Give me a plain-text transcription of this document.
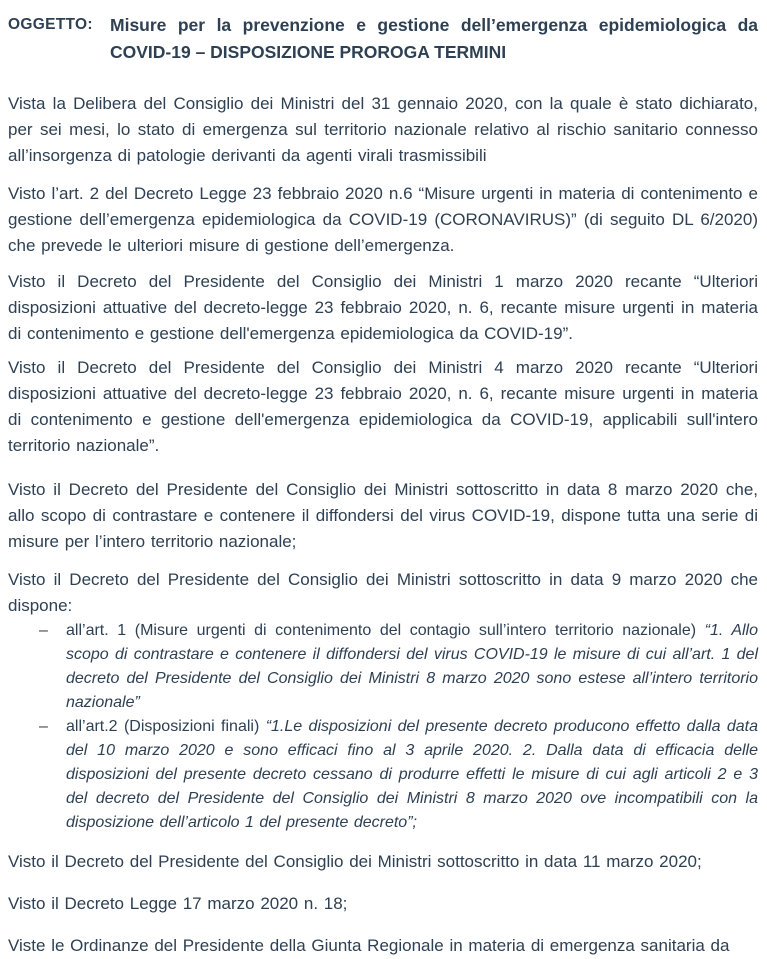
OGGETTO: Misure per la prevenzione e gestione dell’emergenza epidemiologica da COVID-19 – DISPOSIZIONE PROROGA TERMINI

Vista la Delibera del Consiglio dei Ministri del 31 gennaio 2020, con la quale è stato dichiarato, per sei mesi, lo stato di emergenza sul territorio nazionale relativo al rischio sanitario connesso all’insorgenza di patologie derivanti da agenti virali trasmissibili

Visto l’art. 2 del Decreto Legge 23 febbraio 2020 n.6 “Misure urgenti in materia di contenimento e gestione dell’emergenza epidemiologica da COVID-19 (CORONAVIRUS)” (di seguito DL 6/2020) che prevede le ulteriori misure di gestione dell’emergenza.

Visto il Decreto del Presidente del Consiglio dei Ministri 1 marzo 2020 recante “Ulteriori disposizioni attuative del decreto-legge 23 febbraio 2020, n. 6, recante misure urgenti in materia di contenimento e gestione dell'emergenza epidemiologica da COVID-19”.

Visto il Decreto del Presidente del Consiglio dei Ministri 4 marzo 2020 recante “Ulteriori disposizioni attuative del decreto-legge 23 febbraio 2020, n. 6, recante misure urgenti in materia di contenimento e gestione dell'emergenza epidemiologica da COVID-19, applicabili sull'intero territorio nazionale”.

Visto il Decreto del Presidente del Consiglio dei Ministri sottoscritto in data 8 marzo 2020 che, allo scopo di contrastare e contenere il diffondersi del virus COVID-19, dispone tutta una serie di misure per l’intero territorio nazionale;

Visto il Decreto del Presidente del Consiglio dei Ministri sottoscritto in data 9 marzo 2020 che dispone:

–	all’art. 1 (Misure urgenti di contenimento del contagio sull’intero territorio nazionale) “1. Allo scopo di contrastare e contenere il diffondersi del virus COVID-19 le misure di cui all’art. 1 del decreto del Presidente del Consiglio dei Ministri 8 marzo 2020 sono estese all’intero territorio nazionale”
–	all’art.2 (Disposizioni finali) “1.Le disposizioni del presente decreto producono effetto dalla data del 10 marzo 2020 e sono efficaci fino al 3 aprile 2020. 2. Dalla data di efficacia delle disposizioni del presente decreto cessano di produrre effetti le misure di cui agli articoli 2 e 3 del decreto del Presidente del Consiglio dei Ministri 8 marzo 2020 ove incompatibili con la disposizione dell’articolo 1 del presente decreto”;

Visto il Decreto del Presidente del Consiglio dei Ministri sottoscritto in data 11 marzo 2020;

Visto il Decreto Legge 17 marzo 2020 n. 18;

Viste le Ordinanze del Presidente della Giunta Regionale in materia di emergenza sanitaria da
